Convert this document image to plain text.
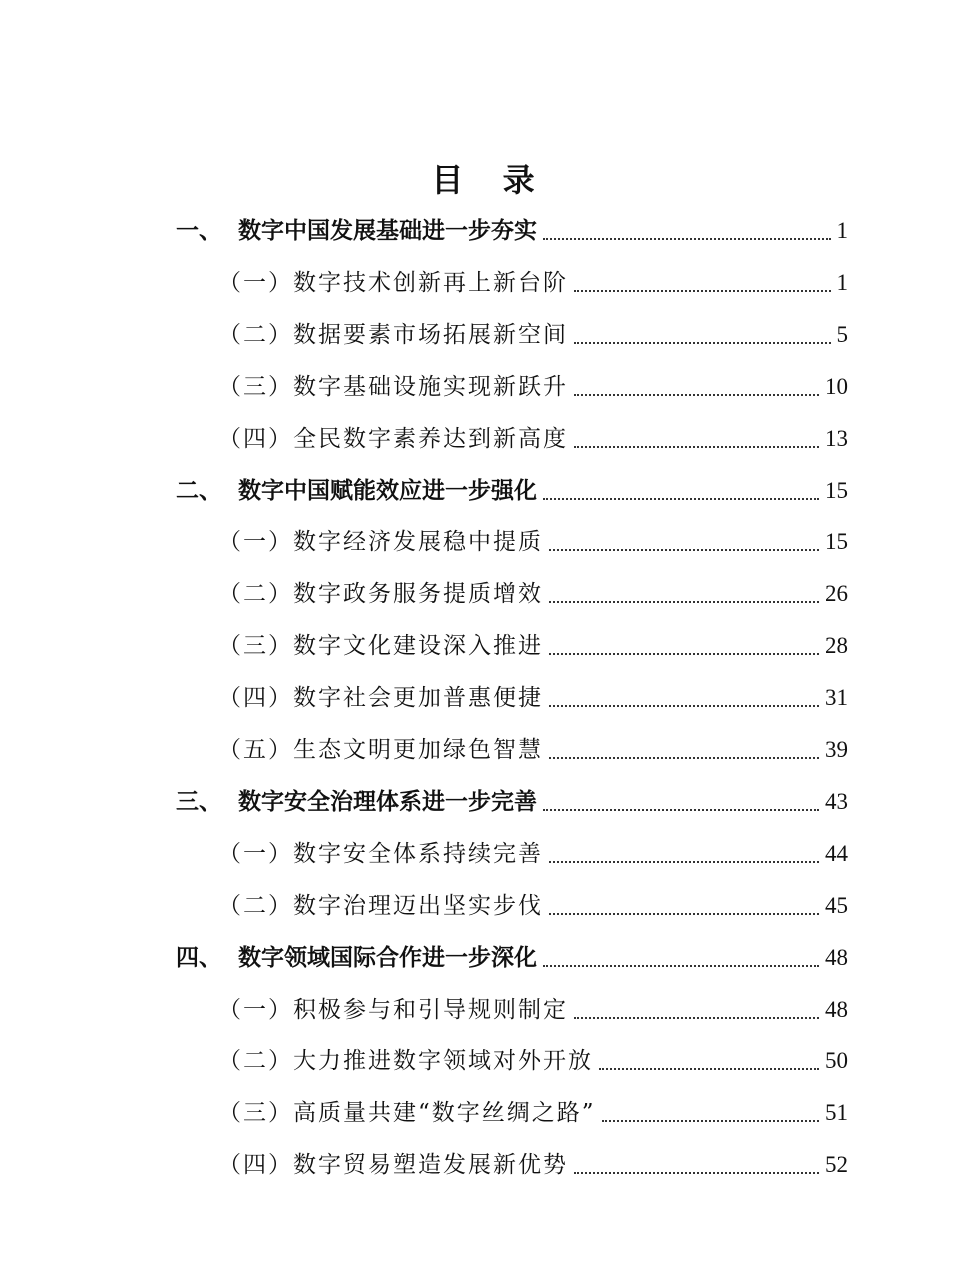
目 录
一、 数字中国发展基础进一步夯实	1
（一） 数字技术创新再上新台阶	1
（二） 数据要素市场拓展新空间	5
（三） 数字基础设施实现新跃升	10
（四） 全民数字素养达到新高度	13
二、 数字中国赋能效应进一步强化	15
（一） 数字经济发展稳中提质	15
（二） 数字政务服务提质增效	26
（三） 数字文化建设深入推进	28
（四） 数字社会更加普惠便捷	31
（五） 生态文明更加绿色智慧	39
三、 数字安全治理体系进一步完善	43
（一） 数字安全体系持续完善	44
（二） 数字治理迈出坚实步伐	45
四、 数字领域国际合作进一步深化	48
（一） 积极参与和引导规则制定	48
（二） 大力推进数字领域对外开放	50
（三） 高质量共建“数字丝绸之路”	51
（四） 数字贸易塑造发展新优势	52
